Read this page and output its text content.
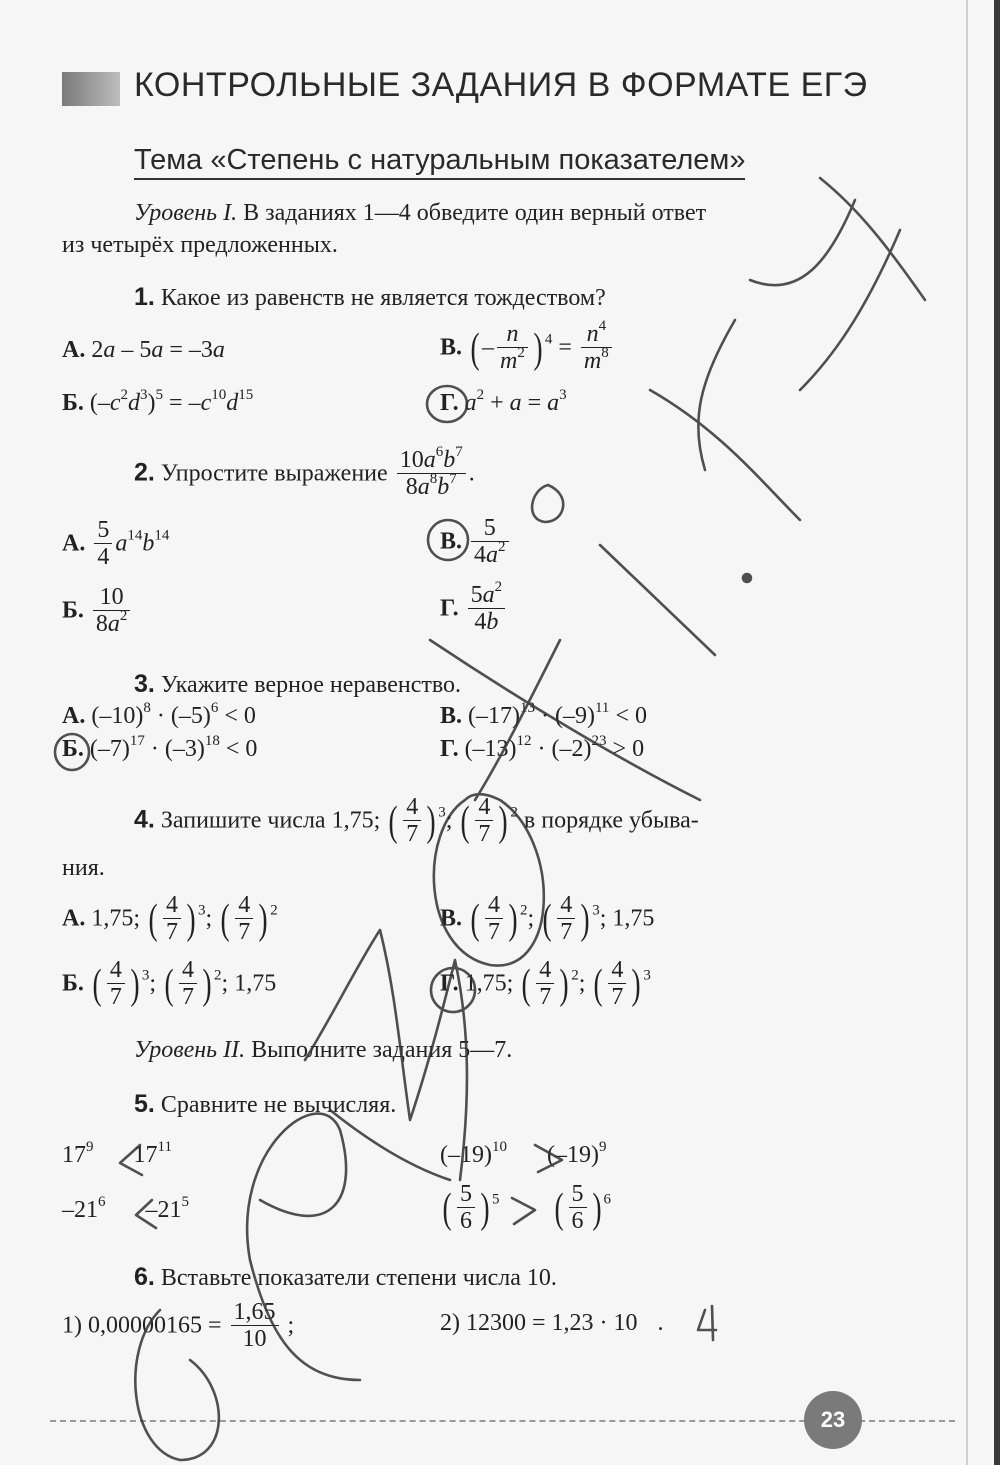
КОНТРОЛЬНЫЕ ЗАДАНИЯ В ФОРМАТЕ ЕГЭ
Тема «Степень с натуральным показателем»
Уровень I. В заданиях 1—4 обведите один верный ответ
из четырёх предложенных.
1. Какое из равенств не является тождеством?
А. 2a – 5a = –3a	В. ( – $\frac{n}{m^2}$ ) $^4 = \frac{n^4}{m^8}$
Б. $(-c^2d^3)^5 = -c^{10}d^{15}$	Г. $a^2 + a = a^3$
2. Упростите выражение $\frac{10a^6b^7}{8a^8b^7}$ .
А. $\frac{5}{4} a^{14}b^{14}$	В. $\frac{5}{4a^2}$
Б. $\frac{10}{8a^2}$	Г. $\frac{5a^2}{4b}$
3. Укажите верное неравенство.
А. $(-10)^8 \cdot (-5)^6 < 0$	В. $(-17)^{13} \cdot (-9)^{11} < 0$
Б. $(-7)^{17} \cdot (-3)^{18} < 0$	Г. $(-13)^{12} \cdot (-2)^{23} > 0$
4. Запишите числа 1,75; ( $\frac{4}{7}$ ) $^3$; ( $\frac{4}{7}$ ) $^2$ в порядке убыва-
ния.
А. 1,75; ( $\frac{4}{7}$ ) $^3$; ( $\frac{4}{7}$ ) $^2$	В. ( $\frac{4}{7}$ ) $^2$; ( $\frac{4}{7}$ ) $^3$; 1,75
Б. ( $\frac{4}{7}$ ) $^3$; ( $\frac{4}{7}$ ) $^2$; 1,75	Г. 1,75; ( $\frac{4}{7}$ ) $^2$; ( $\frac{4}{7}$ ) $^3$
Уровень II. Выполните задания 5—7.
5. Сравните не вычисляя.
$17^9$  $17^{11}$	$(-19)^{10}$  $(-19)^9$
$-21^6$  $-21^5$	( $\frac{5}{6}$ ) $^5$ ( $\frac{5}{6}$ ) $^6$
6. Вставьте показатели степени числа 10.
1) $0,00000165 = \frac{1,65}{10}$ ;	2) 12300 = 1,23 · 10 .
23
